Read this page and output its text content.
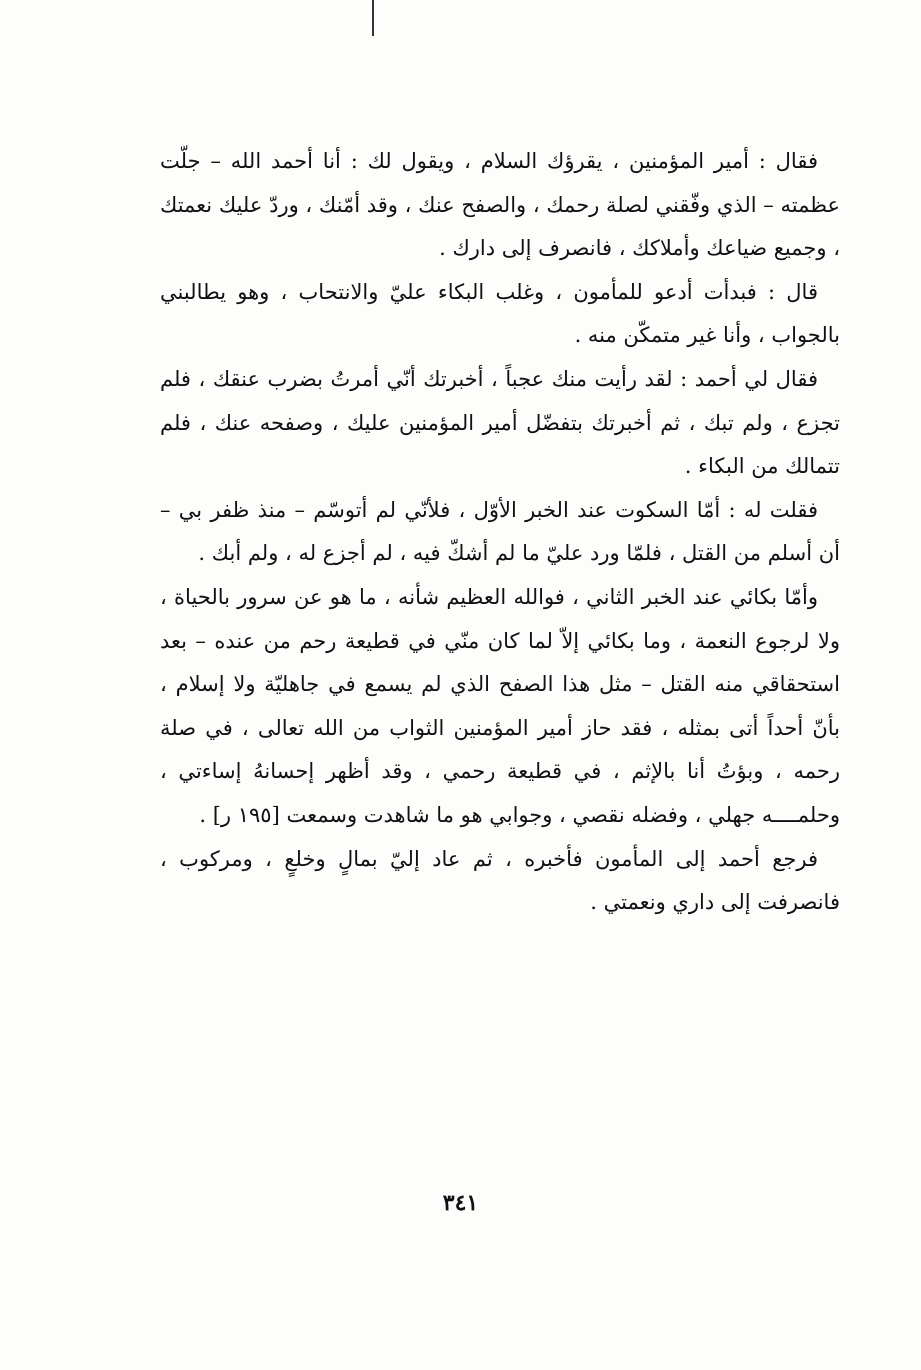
فقال : أمير المؤمنين ، يقرؤك السلام ، ويقول لك : أنا أحمد الله – جلّت عظمته – الذي وفّقني لصلة رحمك ، والصفح عنك ، وقد أمّنك ، وردّ عليك نعمتك ، وجميع ضياعك وأملاكك ، فانصرف إلى دارك .

قال : فبدأت أدعو للمأمون ، وغلب البكاء عليّ والانتحاب ، وهو يطالبني بالجواب ، وأنا غير متمكّن منه .

فقال لي أحمد : لقد رأيت منك عجباً ، أخبرتك أنّي أمرتُ بضرب عنقك ، فلم تجزع ، ولم تبك ، ثم أخبرتك بتفضّل أمير المؤمنين عليك ، وصفحه عنك ، فلم تتمالك من البكاء .

فقلت له : أمّا السكوت عند الخبر الأوّل ، فلأنّي لم أتوسّم – منذ ظفر بي – أن أسلم من القتل ، فلمّا ورد عليّ ما لم أشكّ فيه ، لم أجزع له ، ولم أبك .

وأمّا بكائي عند الخبر الثاني ، فوالله العظيم شأنه ، ما هو عن سرور بالحياة ، ولا لرجوع النعمة ، وما بكائي إلاّ لما كان منّي في قطيعة رحم من عنده – بعد استحقاقي منه القتل – مثل هذا الصفح الذي لم يسمع في جاهليّة ولا إسلام ، بأنّ أحداً أتى بمثله ، فقد حاز أمير المؤمنين الثواب من الله تعالى ، في صلة رحمه ، وبؤتُ أنا بالإثم ، في قطيعة رحمي ، وقد أظهر إحسانهُ إساءتي ، وحلمــــه جهلي ، وفضله نقصي ، وجوابي هو ما شاهدت وسمعت [١٩٥ ر] .

فرجع أحمد إلى المأمون فأخبره ، ثم عاد إليّ بمالٍ وخلعٍ ، ومركوب ، فانصرفت إلى داري ونعمتي .

٣٤١
